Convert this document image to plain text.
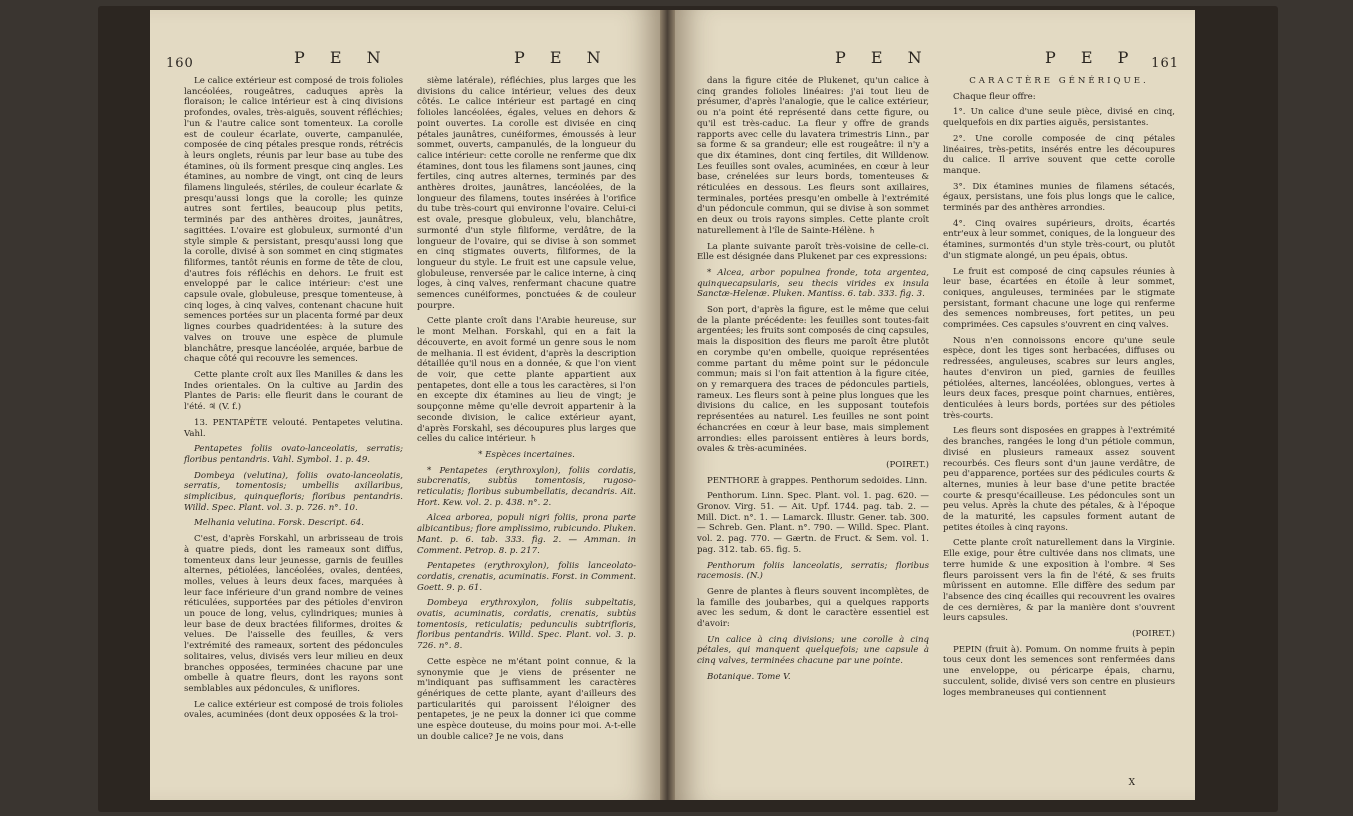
160	P E N	P E N

Le calice extérieur est composé de trois folioles lancéolées, rougeâtres, caduques après la floraison; le calice intérieur est à cinq divisions profondes, ovales, très-aiguës, souvent réfléchies; l'un & l'autre calice sont tomenteux. La corolle est de couleur écarlate, ouverte, campanulée, composée de cinq pétales presque ronds, rétrécis à leurs onglets, réunis par leur base au tube des étamines, où ils forment presque cinq angles. Les étamines, au nombre de vingt, ont cinq de leurs filamens linguleés, stériles, de couleur écarlate & presqu'aussi longs que la corolle; les quinze autres sont fertiles, beaucoup plus petits, terminés par des anthères droites, jaunâtres, sagittées. L'ovaire est globuleux, surmonté d'un style simple & persistant, presqu'aussi long que la corolle, divisé à son sommet en cinq stigmates filiformes, tantôt réunis en forme de tête de clou, d'autres fois réfléchis en dehors. Le fruit est enveloppé par le calice intérieur: c'est une capsule ovale, globuleuse, presque tomenteuse, à cinq loges, à cinq valves, contenant chacune huit semences portées sur un placenta formé par deux lignes courbes quadridentées: à la suture des valves on trouve une espèce de plumule blanchâtre, presque lancéolée, arquée, barbue de chaque côté qui recouvre les semences.

Cette plante croît aux îles Manilles & dans les Indes orientales. On la cultive au Jardin des Plantes de Paris: elle fleurit dans le courant de l'été. ♃ (V. f.)

13. PENTAPÈTE velouté. Pentapetes velutina. Vahl.

Pentapetes foliis ovato-lanceolatis, serratis; floribus pentandris. Vahl. Symbol. 1. p. 49.

Dombeya (velutina), foliis ovato-lanceolatis, serratis, tomentosis; umbellis axillaribus, simplicibus, quinquefloris; floribus pentandris. Willd. Spec. Plant. vol. 3. p. 726. n°. 10.

Melhania velutina. Forsk. Descript. 64.

C'est, d'après Forskahl, un arbrisseau de trois à quatre pieds, dont les rameaux sont diffus, tomenteux dans leur jeunesse, garnis de feuilles alternes, pétiolées, lancéolées, ovales, dentées, molles, velues à leurs deux faces, marquées à leur face inférieure d'un grand nombre de veines réticulées, supportées par des pétioles d'environ un pouce de long, velus, cylindriques; munies à leur base de deux bractées filiformes, droites & velues. De l'aisselle des feuilles, & vers l'extrémité des rameaux, sortent des pédoncules solitaires, velus, divisés vers leur milieu en deux branches opposées, terminées chacune par une ombelle à quatre fleurs, dont les rayons sont semblables aux pédoncules, & uniflores.

Le calice extérieur est composé de trois folioles ovales, acuminées (dont deux opposées & la troi-

sième latérale), réfléchies, plus larges que les divisions du calice intérieur, velues des deux côtés. Le calice intérieur est partagé en cinq folioles lancéolées, égales, velues en dehors & point ouvertes. La corolle est divisée en cinq pétales jaunâtres, cunéiformes, émoussés à leur sommet, ouverts, campanulés, de la longueur du calice intérieur: cette corolle ne renferme que dix étamines, dont tous les filamens sont jaunes, cinq fertiles, cinq autres alternes, terminés par des anthères droites, jaunâtres, lancéolées, de la longueur des filamens, toutes insérées à l'orifice du tube très-court qui environne l'ovaire. Celui-ci est ovale, presque globuleux, velu, blanchâtre, surmonté d'un style filiforme, verdâtre, de la longueur de l'ovaire, qui se divise à son sommet en cinq stigmates ouverts, filiformes, de la longueur du style. Le fruit est une capsule velue, globuleuse, renversée par le calice interne, à cinq loges, à cinq valves, renfermant chacune quatre semences cunéiformes, ponctuées & de couleur pourpre.

Cette plante croît dans l'Arabie heureuse, sur le mont Melhan. Forskahl, qui en a fait la découverte, en avoit formé un genre sous le nom de melhania. Il est évident, d'après la description détaillée qu'il nous en a donnée, & que l'on vient de voir, que cette plante appartient aux pentapetes, dont elle a tous les caractères, si l'on en excepte dix étamines au lieu de vingt; je soupçonne même qu'elle devroit appartenir à la seconde division, le calice extérieur ayant, d'après Forskahl, ses découpures plus larges que celles du calice intérieur. ♄

* Espèces incertaines.

* Pentapetes (erythroxylon), foliis cordatis, subcrenatis, subtùs tomentosis, rugoso-reticulatis; floribus subumbellatis, decandris. Ait. Hort. Kew. vol. 2. p. 438. n°. 2.

Alcea arborea, populi nigri foliis, prona parte albicantibus; flore amplissimo, rubicundo. Pluken. Mant. p. 6. tab. 333. fig. 2. — Amman. in Comment. Petrop. 8. p. 217.

Pentapetes (erythroxylon), foliis lanceolato-cordatis, crenatis, acuminatis. Forst. in Comment. Goett. 9. p. 61.

Dombeya erythroxylon, foliis subpeltatis, ovatis, acuminatis, cordatis, crenatis, subtùs tomentosis, reticulatis; pedunculis subtrifloris, floribus pentandris. Willd. Spec. Plant. vol. 3. p. 726. n°. 8.

Cette espèce ne m'étant point connue, & la synonymie que je viens de présenter ne m'indiquant pas suffisamment les caractères génériques de cette plante, ayant d'ailleurs des particularités qui paroissent l'éloigner des pentapetes, je ne peux la donner ici que comme une espèce douteuse, du moins pour moi. A-t-elle un double calice? Je ne vois, dans

P E N	P E P 161

dans la figure citée de Plukenet, qu'un calice à cinq grandes folioles linéaires: j'ai tout lieu de présumer, d'après l'analogie, que le calice extérieur, ou n'a point été représenté dans cette figure, ou qu'il est très-caduc. La fleur y offre de grands rapports avec celle du lavatera trimestris Linn., par sa forme & sa grandeur; elle est rougeâtre: il n'y a que dix étamines, dont cinq fertiles, dit Willdenow. Les feuilles sont ovales, acuminées, en cœur à leur base, crénelées sur leurs bords, tomenteuses & réticulées en dessous. Les fleurs sont axillaires, terminales, portées presqu'en ombelle à l'extrémité d'un pédoncule commun, qui se divise à son sommet en deux ou trois rayons simples. Cette plante croît naturellement à l'île de Sainte-Hélène. ♄

La plante suivante paroît très-voisine de celle-ci. Elle est désignée dans Plukenet par ces expressions:

* Alcea, arbor populnea fronde, tota argentea, quinquecapsularis, seu thecis virides ex insula Sanctæ-Helenæ. Pluken. Mantiss. 6. tab. 333. fig. 3.

Son port, d'après la figure, est le même que celui de la plante précédente: les feuilles sont toutes-fait argentées; les fruits sont composés de cinq capsules, mais la disposition des fleurs me paroît être plutôt en corymbe qu'en ombelle, quoique représentées comme partant du même point sur le pédoncule commun; mais si l'on fait attention à la figure citée, on y remarquera des traces de pédoncules partiels, rameux. Les fleurs sont à peine plus longues que les divisions du calice, en les supposant toutefois représentées au naturel. Les feuilles ne sont point échancrées en cœur à leur base, mais simplement arrondies: elles paroissent entières à leurs bords, ovales & très-acuminées.

(POIRET.)

PENTHORE à grappes. Penthorum sedoides. Linn.

Penthorum. Linn. Spec. Plant. vol. 1. pag. 620. — Gronov. Virg. 51. — Ait. Upf. 1744. pag. tab. 2. — Mill. Dict. n°. 1. — Lamarck. Illustr. Gener. tab. 300. — Schreb. Gen. Plant. n°. 790. — Willd. Spec. Plant. vol. 2. pag. 770. — Gærtn. de Fruct. & Sem. vol. 1. pag. 312. tab. 65. fig. 5.

Penthorum foliis lanceolatis, serratis; floribus racemosis. (N.)

Genre de plantes à fleurs souvent incomplètes, de la famille des joubarbes, qui a quelques rapports avec les sedum, & dont le caractère essentiel est d'avoir:

Un calice à cinq divisions; une corolle à cinq pétales, qui manquent quelquefois; une capsule à cinq valves, terminées chacune par une pointe.

Botanique. Tome V.

CARACTÈRE GÉNÉRIQUE.

Chaque fleur offre:

1°. Un calice d'une seule pièce, divisé en cinq, quelquefois en dix parties aiguës, persistantes.

2°. Une corolle composée de cinq pétales linéaires, très-petits, insérés entre les découpures du calice. Il arrive souvent que cette corolle manque.

3°. Dix étamines munies de filamens sétacés, égaux, persistans, une fois plus longs que le calice, terminés par des anthères arrondies.

4°. Cinq ovaires supérieurs, droits, écartés entr'eux à leur sommet, coniques, de la longueur des étamines, surmontés d'un style très-court, ou plutôt d'un stigmate alongé, un peu épais, obtus.

Le fruit est composé de cinq capsules réunies à leur base, écartées en étoile à leur sommet, coniques, anguleuses, terminées par le stigmate persistant, formant chacune une loge qui renferme des semences nombreuses, fort petites, un peu comprimées. Ces capsules s'ouvrent en cinq valves.

Nous n'en connoissons encore qu'une seule espèce, dont les tiges sont herbacées, diffuses ou redressées, anguleuses, scabres sur leurs angles, hautes d'environ un pied, garnies de feuilles pétiolées, alternes, lancéolées, oblongues, vertes à leurs deux faces, presque point charnues, entières, denticulées à leurs bords, portées sur des pétioles très-courts.

Les fleurs sont disposées en grappes à l'extrémité des branches, rangées le long d'un pétiole commun, divisé en plusieurs rameaux assez souvent recourbés. Ces fleurs sont d'un jaune verdâtre, de peu d'apparence, portées sur des pédicules courts & alternes, munies à leur base d'une petite bractée courte & presqu'écailleuse. Les pédoncules sont un peu velus. Après la chute des pétales, & à l'époque de la maturité, les capsules forment autant de petites étoiles à cinq rayons.

Cette plante croît naturellement dans la Virginie. Elle exige, pour être cultivée dans nos climats, une terre humide & une exposition à l'ombre. ♃ Ses fleurs paroissent vers la fin de l'été, & ses fruits mûrissent en automne. Elle diffère des sedum par l'absence des cinq écailles qui recouvrent les ovaires de ces dernières, & par la manière dont s'ouvrent leurs capsules.

(POIRET.)

PEPIN (fruit à). Pomum. On nomme fruits à pepin tous ceux dont les semences sont renfermées dans une enveloppe, ou péricarpe épais, charnu, succulent, solide, divisé vers son centre en plusieurs loges membraneuses qui contiennent

X
